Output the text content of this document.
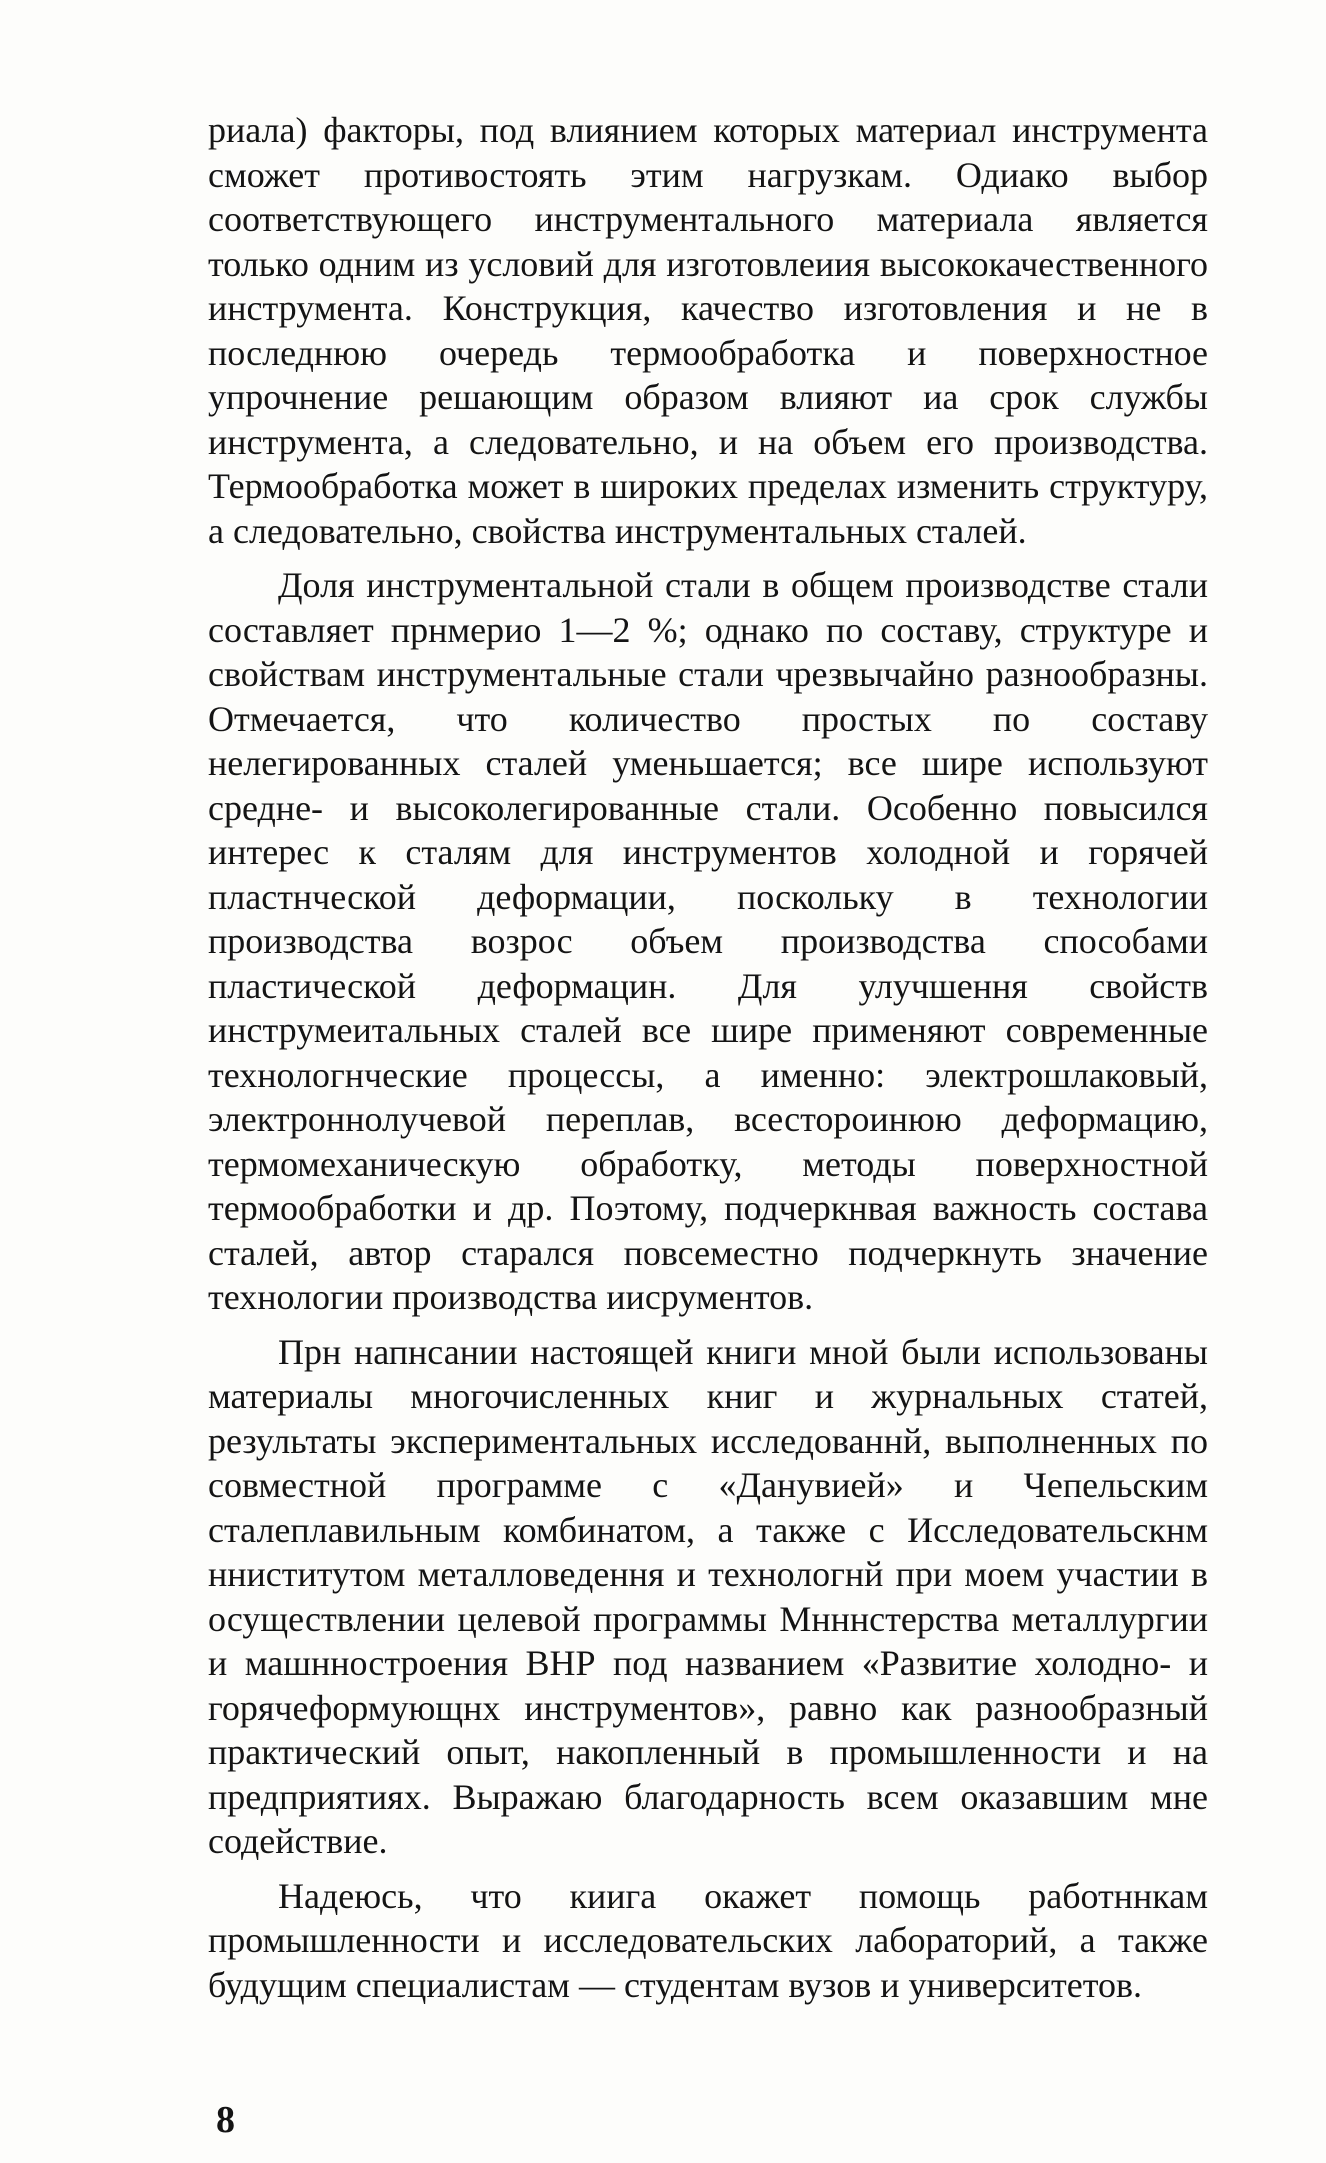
риала) факторы, под влиянием которых материал инструмента сможет противостоять этим нагрузкам. Одиако выбор соответствующего инструментального материала является только одним из условий для изготовлеиия высококачественного инструмента. Конструкция, качество изготовления и не в последнюю очередь термообработка и поверхностное упрочнение решающим образом влияют иа срок службы инструмента, а следовательно, и на объем его производства. Термообработка может в широких пределах изменить структуру, а следовательно, свойства инструментальных сталей.

Доля инструментальной стали в общем производстве стали составляет прнмерио 1—2 %; однако по составу, структуре и свойствам инструментальные стали чрезвычайно разнообразны. Отмечается, что количество простых по составу нелегированных сталей уменьшается; все шире используют средне- и высоколегированные стали. Особенно повысился интерес к сталям для инструментов холодной и горячей пластнческой деформации, поскольку в технологии производства возрос объем производства способами пластической деформацин. Для улучшення свойств инструмеитальных сталей все шире применяют современные технологнческие процессы, а именно: электрошлаковый, электроннолучевой переплав, всестороинюю деформацию, термомеханическую обработку, методы поверхностной термообработки и др. Поэтому, подчеркнвая важность состава сталей, автор старался повсеместно подчеркнуть значение технологии производства иисрументов.

Прн напнсании настоящей книги мной были использованы материалы многочисленных книг и журнальных статей, результаты экспериментальных исследованнй, выполненных по совместной программе с «Данувией» и Чепельским сталеплавильным комбинатом, а также с Исследовательскнм нниститутом металловедення и технологнй при моем участии в осуществлении целевой программы Мнннстерства металлургии и машнностроения ВНР под названием «Развитие холодно- и горячеформующнх инструментов», равно как разнообразный практический опыт, накопленный в промышленности и на предприятиях. Выражаю благодарность всем оказавшим мне содействие.

Надеюсь, что киига окажет помощь работннкам промышленности и исследовательских лабораторий, а также будущим специалистам — студентам вузов и университетов.

8
